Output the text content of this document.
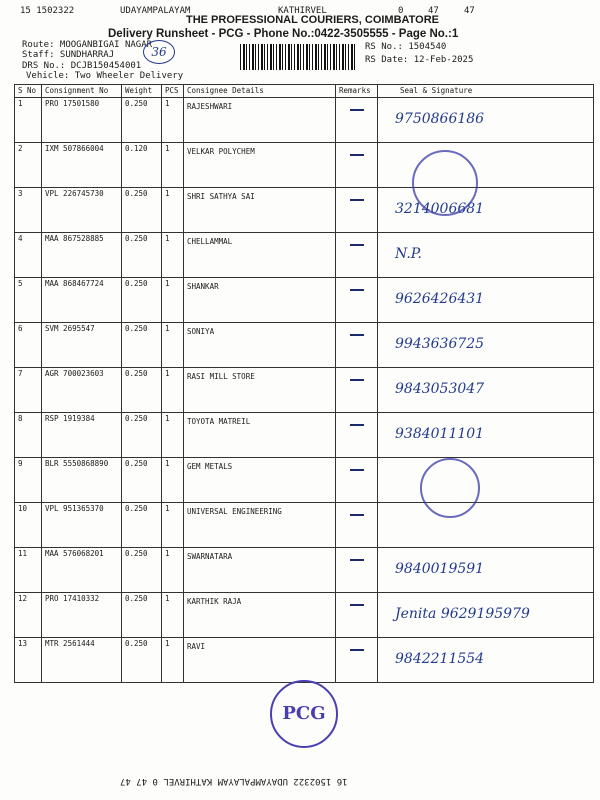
15 1502322	UDAYAMPALAYAM	KATHIRVEL	0	47	47
THE PROFESSIONAL COURIERS, COIMBATORE
Delivery Runsheet - PCG - Phone No.:0422-3505555 - Page No.:1
Route: MOOGANBIGAI NAGAR
Staff: SUNDHARRAJ
DRS No.: DCJB150454001
Vehicle: Two Wheeler Delivery
36	RS No.: 1504540
RS Date: 12-Feb-2025
S No	Consignment No	Weight	PCS	Consignee Details	Remarks	Seal & Signature
1	PRO 17501580	0.250	1	RAJESHWARI		9750866186

2	IXM 507866004	0.120	1	VELKAR POLYCHEM		

3	VPL 226745730	0.250	1	SHRI SATHYA SAI		3214006681

4	MAA 867528885	0.250	1	CHELLAMMAL		N.P.

5	MAA 868467724	0.250	1	SHANKAR		9626426431

6	SVM 2695547	0.250	1	SONIYA		9943636725

7	AGR 700023603	0.250	1	RASI MILL STORE		9843053047

8	RSP 1919384	0.250	1	TOYOTA MATREIL		9384011101

9	BLR 5550868890	0.250	1	GEM METALS		

10	VPL 951365370	0.250	1	UNIVERSAL ENGINEERING		

11	MAA 576068201	0.250	1	SWARNATARA		9840019591

12	PRO 17410332	0.250	1	KARTHIK RAJA		Jenita 9629195979

13	MTR 2561444	0.250	1	RAVI		9842211554
PCG
16 1502322 UDAYAMPALAYAM KATHIRVEL 0 47 47
